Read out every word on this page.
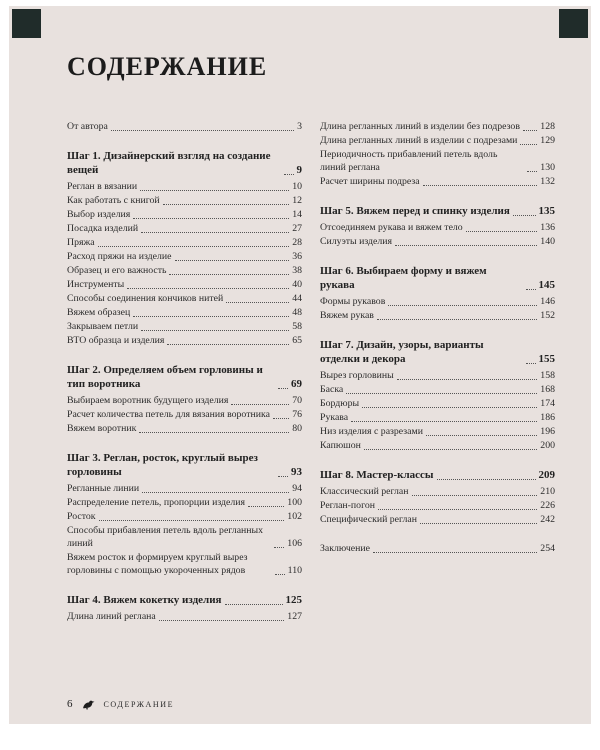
СОДЕРЖАНИЕ
От автора	3
Шаг 1. Дизайнерский взгляд на создание вещей	9
Реглан в вязании	10
Как работать с книгой	12
Выбор изделия	14
Посадка изделий	27
Пряжа	28
Расход пряжи на изделие	36
Образец и его важность	38
Инструменты	40
Способы соединения кончиков нитей	44
Вяжем образец	48
Закрываем петли	58
ВТО образца и изделия	65
Шаг 2. Определяем объем горловины и тип воротника	69
Выбираем воротник будущего изделия	70
Расчет количества петель для вязания воротника 76
Вяжем воротник	80
Шаг 3. Реглан, росток, круглый вырез горловины	93
Регланные линии	94
Распределение петель, пропорции изделия	100
Росток	102
Способы прибавления петель вдоль регланных линий	106
Вяжем росток и формируем круглый вырез горловины с помощью укороченных рядов	110
Шаг 4. Вяжем кокетку изделия	125
Длина линий реглана	127
Длина регланных линий в изделии без подрезов 128
Длина регланных линий в изделии с подрезами 129
Периодичность прибавлений петель вдоль линий реглана	130
Расчет ширины подреза	132
Шаг 5. Вяжем перед и спинку изделия	135
Отсоединяем рукава и вяжем тело	136
Силуэты изделия	140
Шаг 6. Выбираем форму и вяжем рукава	145
Формы рукавов	146
Вяжем рукав	152
Шаг 7. Дизайн, узоры, варианты отделки и декора	155
Вырез горловины	158
Баска	168
Бордюры	174
Рукава	186
Низ изделия с разрезами	196
Капюшон	200
Шаг 8. Мастер-классы	209
Классический реглан	210
Реглан-погон	226
Специфический реглан	242
Заключение	254
6	СОДЕРЖАНИЕ
